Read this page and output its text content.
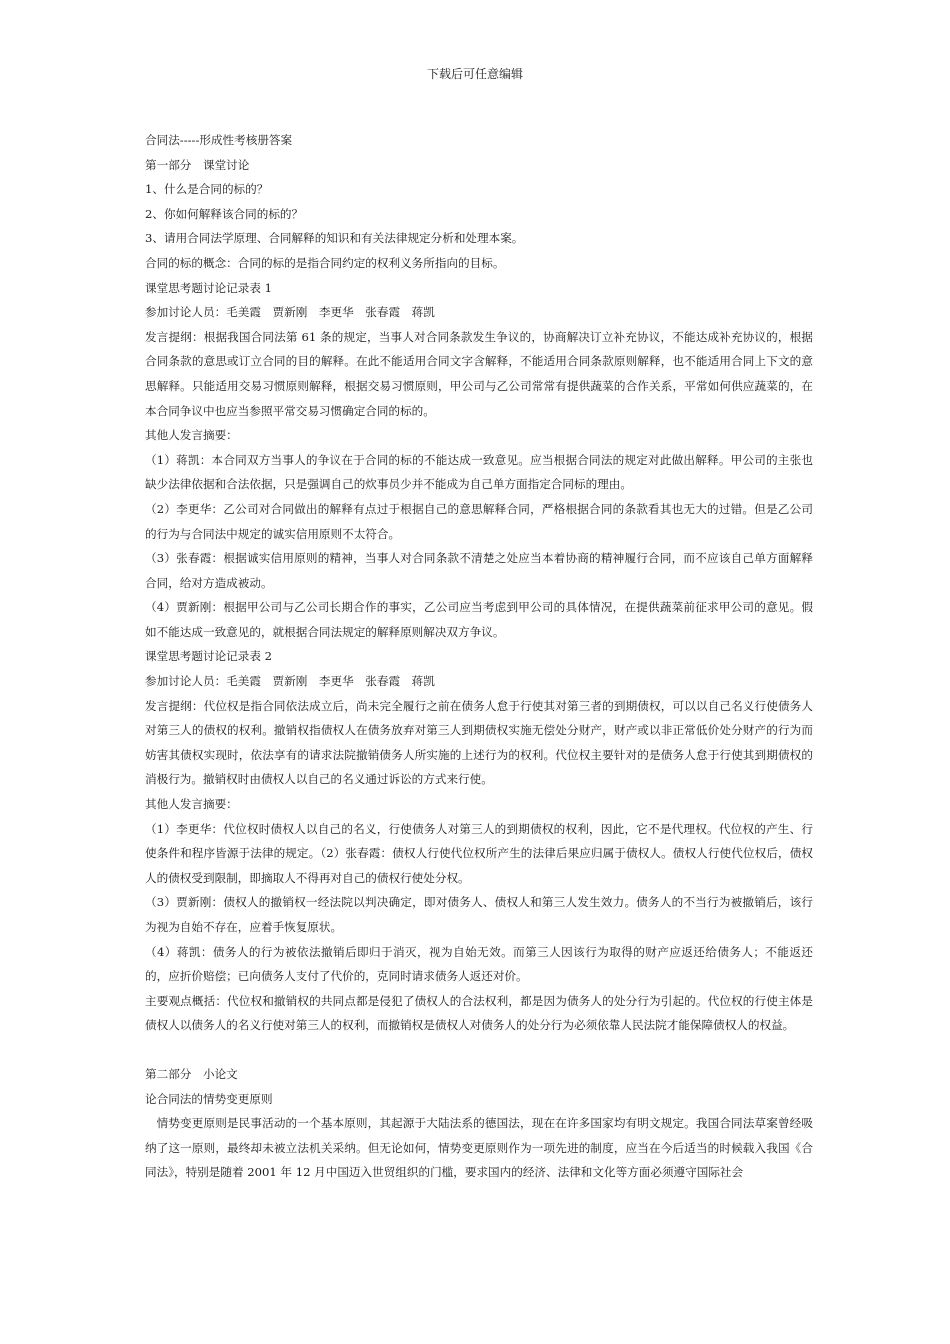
下载后可任意编辑

合同法-----形成性考核册答案

第一部分　课堂讨论

1、什么是合同的标的？

2、你如何解释该合同的标的？

3、请用合同法学原理、合同解释的知识和有关法律规定分析和处理本案。

合同的标的概念：合同的标的是指合同约定的权利义务所指向的目标。

课堂思考题讨论记录表 1

参加讨论人员：毛美霞　贾新刚　李更华　张春霞　蒋凯

发言提纲：根据我国合同法第 61 条的规定，当事人对合同条款发生争议的，协商解决订立补充协议，不能达成补充协议的，根据合同条款的意思或订立合同的目的解释。在此不能适用合同文字含解释，不能适用合同条款原则解释，也不能适用合同上下文的意思解释。只能适用交易习惯原则解释，根据交易习惯原则，甲公司与乙公司常常有提供蔬菜的合作关系，平常如何供应蔬菜的，在本合同争议中也应当参照平常交易习惯确定合同的标的。

其他人发言摘要：

（1）蒋凯：本合同双方当事人的争议在于合同的标的不能达成一致意见。应当根据合同法的规定对此做出解释。甲公司的主张也缺少法律依据和合法依据，只是强调自己的炊事员少并不能成为自己单方面指定合同标的理由。

（2）李更华：乙公司对合同做出的解释有点过于根据自己的意思解释合同，严格根据合同的条款看其也无大的过错。但是乙公司的行为与合同法中规定的诚实信用原则不太符合。

（3）张春霞：根据诚实信用原则的精神，当事人对合同条款不清楚之处应当本着协商的精神履行合同，而不应该自己单方面解释合同，给对方造成被动。

（4）贾新刚：根据甲公司与乙公司长期合作的事实，乙公司应当考虑到甲公司的具体情况，在提供蔬菜前征求甲公司的意见。假如不能达成一致意见的，就根据合同法规定的解释原则解决双方争议。

课堂思考题讨论记录表 2

参加讨论人员：毛美霞　贾新刚　李更华　张春霞　蒋凯

发言提纲：代位权是指合同依法成立后，尚未完全履行之前在债务人怠于行使其对第三者的到期债权，可以以自己名义行使债务人对第三人的债权的权利。撤销权指债权人在债务放弃对第三人到期债权实施无偿处分财产，财产或以非正常低价处分财产的行为而妨害其债权实现时，依法享有的请求法院撤销债务人所实施的上述行为的权利。代位权主要针对的是债务人怠于行使其到期债权的消极行为。撤销权时由债权人以自己的名义通过诉讼的方式来行使。

其他人发言摘要：

（1）李更华：代位权时债权人以自己的名义，行使债务人对第三人的到期债权的权利，因此，它不是代理权。代位权的产生、行使条件和程序皆源于法律的规定。（2）张春霞：债权人行使代位权所产生的法律后果应归属于债权人。债权人行使代位权后，债权人的债权受到限制，即摘取人不得再对自己的债权行使处分权。

（3）贾新刚：债权人的撤销权一经法院以判决确定，即对债务人、债权人和第三人发生效力。债务人的不当行为被撤销后，该行为视为自始不存在，应着手恢复原状。

（4）蒋凯：债务人的行为被依法撤销后即归于消灭，视为自始无效。而第三人因该行为取得的财产应返还给债务人；不能返还的，应折价赔偿；已向债务人支付了代价的，克同时请求债务人返还对价。

主要观点概括：代位权和撤销权的共同点都是侵犯了债权人的合法权利，都是因为债务人的处分行为引起的。代位权的行使主体是债权人以债务人的名义行使对第三人的权利，而撤销权是债权人对债务人的处分行为必须依靠人民法院才能保障债权人的权益。

第二部分　小论文

论合同法的情势变更原则

情势变更原则是民事活动的一个基本原则，其起源于大陆法系的德国法，现在在许多国家均有明文规定。我国合同法草案曾经吸纳了这一原则，最终却未被立法机关采纳。但无论如何，情势变更原则作为一项先进的制度，应当在今后适当的时候载入我国《合同法》，特别是随着 2001 年 12 月中国迈入世贸组织的门槛，要求国内的经济、法律和文化等方面必须遵守国际社会
